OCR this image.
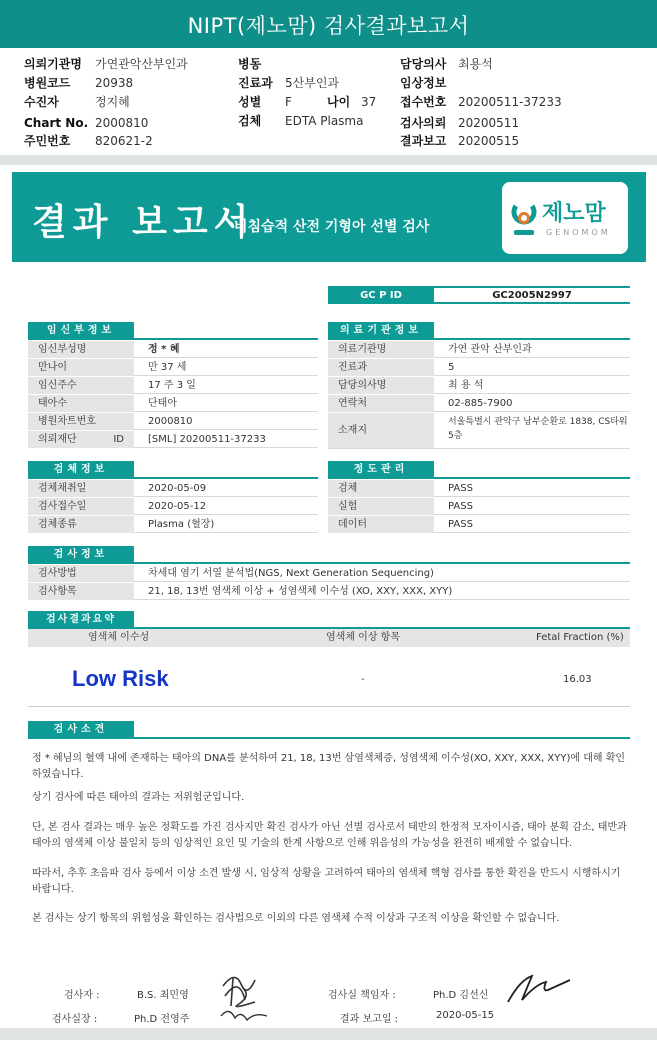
NIPT(제노맘) 검사결과보고서
의뢰기관명 가연관악산부인과
병원코드 20938
수진자	정지혜
Chart No. 2000810
주민번호 820621-2
병동
진료과 5산부인과
성별 F	나이 37
검체 EDTA Plasma
담당의사 최용석
임상정보
접수번호 20200511-37233
검사의뢰 20200511
결과보고 20200515
결과 보고서
비침습적 산전 기형아 선별 검사
제노맘
GENOMOM
GC P ID	GC2005N2997
임신부정보
임신부성명	정 * 혜
만나이	만 37 세
임신주수	17 주 3 일
태아수	단태아
병원차트번호	2000810
의뢰재단 ID	[SML] 20200511-37233
의료기관정보
의료기관명	가연 관악 산부인과
진료과	5
담당의사명	최 용 석
연락처	02-885-7900
소재지
서울특별시 관악구 남부순환로 1838, CS타워
5층
검체정보
검체채취일	2020-05-09
검사접수일	2020-05-12
검체종류	Plasma (혈장)
정도관리
검체	PASS
실험	PASS
데이터	PASS
검사정보
검사방법	차세대 염기 서열 분석법(NGS, Next Generation Sequencing)
검사항목	21, 18, 13번 염색체 이상 + 성염색체 이수성 (XO, XXY, XXX, XYY)
검사결과요약
염색체 이수성	염색체 이상 항목	Fetal Fraction (%)
Low Risk	-	16.03
검사소견
정 * 혜님의 혈액 내에 존재하는 태아의 DNA를 분석하여 21, 18, 13번 삼염색체증, 성염색체 이수성(XO, XXY, XXX, XYY)에 대해 확인하였습니다.
상기 검사에 따른 태아의 결과는 저위험군입니다.
단, 본 검사 결과는 매우 높은 정확도를 가진 검사지만 확진 검사가 아닌 선별 검사로서 태반의 한정적 모자이시즘, 태아 분획 감소, 태반과 태아의 염색체 이상 불일치 등의 임상적인 요인 및 기술의 한계 사항으로 인해 위음성의 가능성을 완전히 배제할 수 없습니다.
따라서, 추후 초음파 검사 등에서 이상 소견 발생 시, 임상적 상황을 고려하여 태아의 염색체 핵형 검사를 통한 확진을 반드시 시행하시기 바랍니다.
본 검사는 상기 항목의 위험성을 확인하는 검사법으로 이외의 다른 염색체 수적 이상과 구조적 이상을 확인할 수 없습니다.
검사자 :	B.S. 최민영	검사실 책임자 :	Ph.D 김선신
검사실장 :	Ph.D 전영주	결과 보고일 :	2020-05-15
